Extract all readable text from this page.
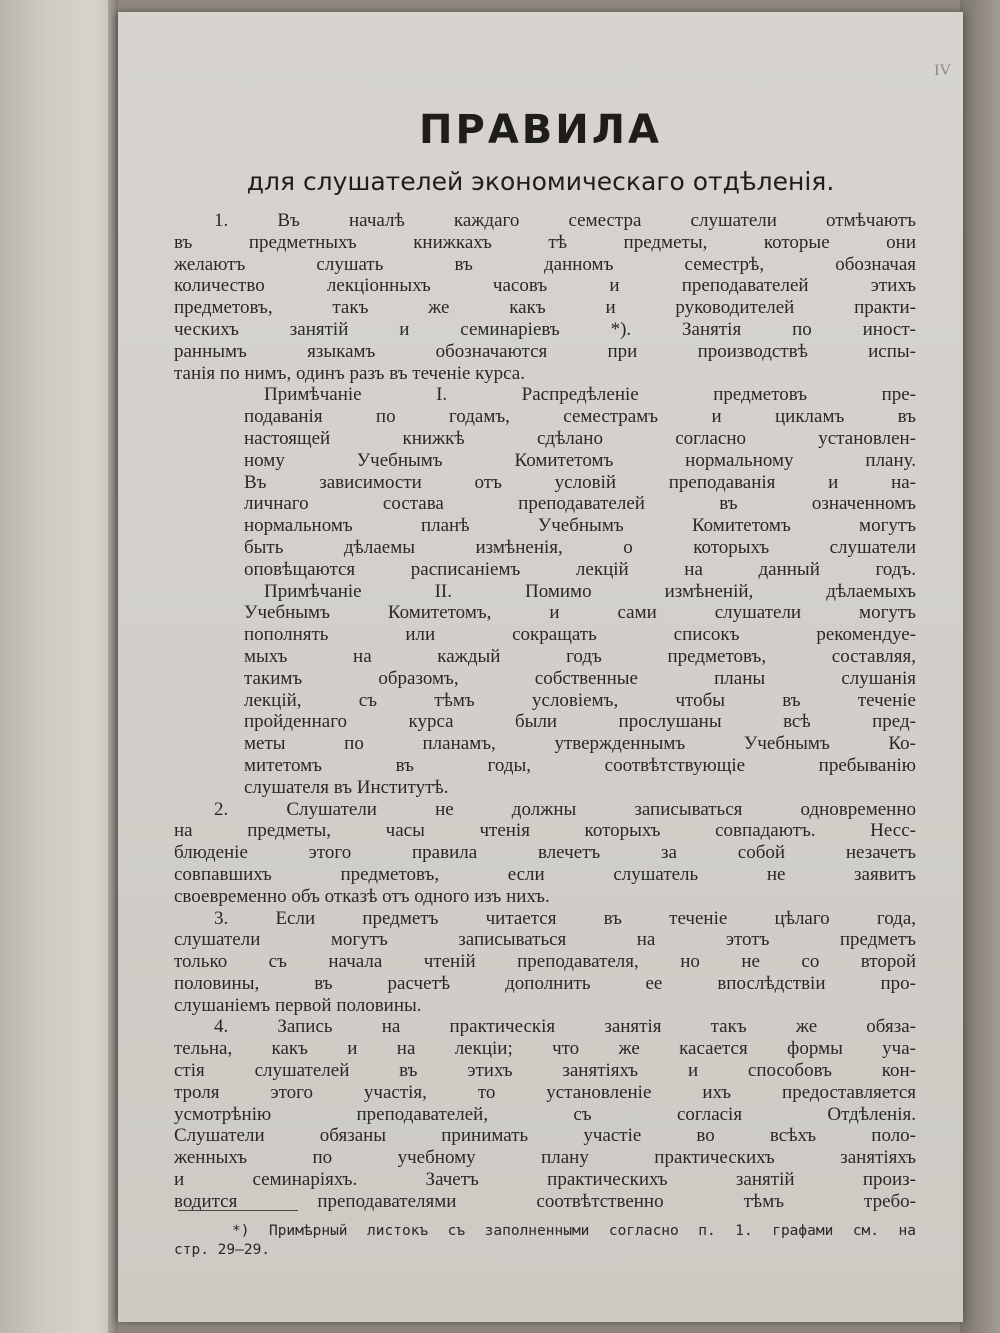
IV
ПРАВИЛА
для слушателей экономическаго отдѣленія.
1. Въ началѣ каждаго семестра слушатели отмѣчаютъ
въ предметныхъ книжкахъ тѣ предметы, которые они
желаютъ слушать въ данномъ семестрѣ, обозначая
количество лекціонныхъ часовъ и преподавателей этихъ
предметовъ, такъ же какъ и руководителей практи-
ческихъ занятій и семинаріевъ *). Занятія по иност-
раннымъ языкамъ обозначаются при производствѣ испы-
танія по нимъ, одинъ разъ въ теченіе курса.
Примѣчаніе I. Распредѣленіе предметовъ пре-
подаванія по годамъ, семестрамъ и цикламъ въ
настоящей книжкѣ сдѣлано согласно установлен-
ному Учебнымъ Комитетомъ нормальному плану.
Въ зависимости отъ условій преподаванія и на-
личнаго состава преподавателей въ означенномъ
нормальномъ планѣ Учебнымъ Комитетомъ могутъ
быть дѣлаемы измѣненія, о которыхъ слушатели
оповѣщаются расписаніемъ лекцій на данный годъ.
Примѣчаніе II. Помимо измѣненій, дѣлаемыхъ
Учебнымъ Комитетомъ, и сами слушатели могутъ
пополнять или сокращать списокъ рекомендуе-
мыхъ на каждый годъ предметовъ, составляя,
такимъ образомъ, собственные планы слушанія
лекцій, съ тѣмъ условіемъ, чтобы въ теченіе
пройденнаго курса были прослушаны всѣ пред-
меты по планамъ, утвержденнымъ Учебнымъ Ко-
митетомъ въ годы, соотвѣтствующіе пребыванію
слушателя въ Институтѣ.
2. Слушатели не должны записываться одновременно
на предметы, часы чтенія которыхъ совпадаютъ. Несс-
блюденіе этого правила влечетъ за собой незачетъ
совпавшихъ предметовъ, если слушатель не заявитъ
своевременно объ отказѣ отъ одного изъ нихъ.
3. Если предметъ читается въ теченіе цѣлаго года,
слушатели могутъ записываться на этотъ предметъ
только съ начала чтеній преподавателя, но не со второй
половины, въ расчетѣ дополнить ее впослѣдствіи про-
слушаніемъ первой половины.
4. Запись на практическія занятія такъ же обяза-
тельна, какъ и на лекціи; что же касается формы уча-
стія слушателей въ этихъ занятіяхъ и способовъ кон-
троля этого участія, то установленіе ихъ предоставляется
усмотрѣнію преподавателей, съ согласія Отдѣленія.
Слушатели обязаны принимать участіе во всѣхъ поло-
женныхъ по учебному плану практическихъ занятіяхъ
и семинаріяхъ. Зачетъ практическихъ занятій произ-
водится преподавателями соотвѣтственно тѣмъ требо-
*) Примѣрный листокъ съ заполненными согласно п. 1. графами см. на
стр. 29—29.
